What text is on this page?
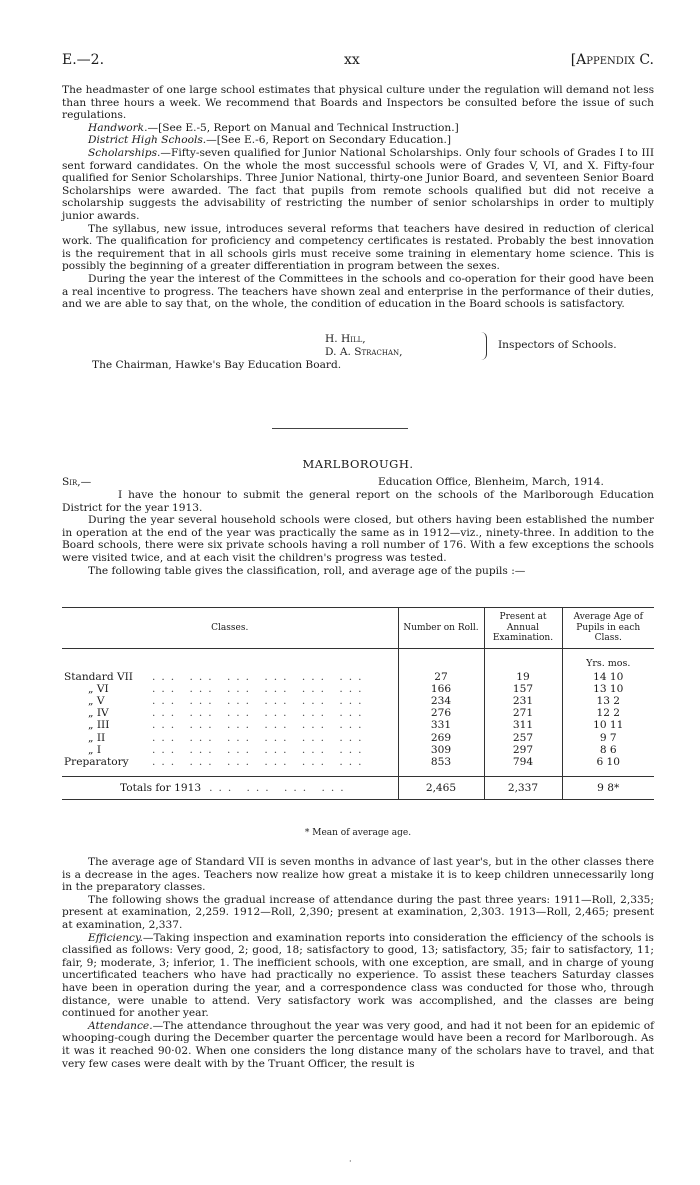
E.—2.	xx	[Appendix C.

The headmaster of one large school estimates that physical culture under the regulation will demand not less than three hours a week. We recommend that Boards and Inspectors be consulted before the issue of such regulations.

Handwork.—[See E.-5, Report on Manual and Technical Instruction.]

District High Schools.—[See E.-6, Report on Secondary Education.]

Scholarships.—Fifty-seven qualified for Junior National Scholarships. Only four schools of Grades I to III sent forward candidates. On the whole the most successful schools were of Grades V, VI, and X. Fifty-four qualified for Senior Scholarships. Three Junior National, thirty-one Junior Board, and seventeen Senior Board Scholarships were awarded. The fact that pupils from remote schools qualified but did not receive a scholarship suggests the advisability of restricting the number of senior scholarships in order to multiply junior awards.

The syllabus, new issue, introduces several reforms that teachers have desired in reduction of clerical work. The qualification for proficiency and competency certificates is restated. Probably the best innovation is the requirement that in all schools girls must receive some training in elementary home science. This is possibly the beginning of a greater differentiation in program between the sexes.

During the year the interest of the Committees in the schools and co-operation for their good have been a real incentive to progress. The teachers have shown zeal and enterprise in the performance of their duties, and we are able to say that, on the whole, the condition of education in the Board schools is satisfactory.

H. Hill,
D. A. Strachan,
Inspectors of Schools.
The Chairman, Hawke's Bay Education Board.
MARLBOROUGH.
Sir,—	Education Office, Blenheim, March, 1914.

I have the honour to submit the general report on the schools of the Marlborough Education District for the year 1913.

During the year several household schools were closed, but others having been established the number in operation at the end of the year was practically the same as in 1912—viz., ninety-three. In addition to the Board schools, there were six private schools having a roll number of 176. With a few exceptions the schools were visited twice, and at each visit the children's progress was tested.

The following table gives the classification, roll, and average age of the pupils :—

Classes.	Number on Roll.	Present at Annual Examination.	Average Age of Pupils in each Class.
			Yrs. mos.
Standard VII ... ... ... ... ... ...	27	19	14 10
„ VI ... ... ... ... ... ...	166	157	13 10
„ V ... ... ... ... ... ...	234	231	13 2
„ IV ... ... ... ... ... ...	276	271	12 2
„ III ... ... ... ... ... ...	331	311	10 11
„ II ... ... ... ... ... ...	269	257	9 7
„ I ... ... ... ... ... ...	309	297	8 6
Preparatory ... ... ... ... ... ...	853	794	6 10

Totals for 1913 ... ... ... ...	2,465	2,337	9 8*
* Mean of average age.

The average age of Standard VII is seven months in advance of last year's, but in the other classes there is a decrease in the ages. Teachers now realize how great a mistake it is to keep children unnecessarily long in the preparatory classes.

The following shows the gradual increase of attendance during the past three years: 1911—Roll, 2,335; present at examination, 2,259. 1912—Roll, 2,390; present at examination, 2,303. 1913—Roll, 2,465; present at examination, 2,337.

Efficiency.—Taking inspection and examination reports into consideration the efficiency of the schools is classified as follows: Very good, 2; good, 18; satisfactory to good, 13; satisfactory, 35; fair to satisfactory, 11; fair, 9; moderate, 3; inferior, 1. The inefficient schools, with one exception, are small, and in charge of young uncertificated teachers who have had practically no experience. To assist these teachers Saturday classes have been in operation during the year, and a correspondence class was conducted for those who, through distance, were unable to attend. Very satisfactory work was accomplished, and the classes are being continued for another year.

Attendance.—The attendance throughout the year was very good, and had it not been for an epidemic of whooping-cough during the December quarter the percentage would have been a record for Marlborough. As it was it reached 90·02. When one considers the long distance many of the scholars have to travel, and that very few cases were dealt with by the Truant Officer, the result is

·
